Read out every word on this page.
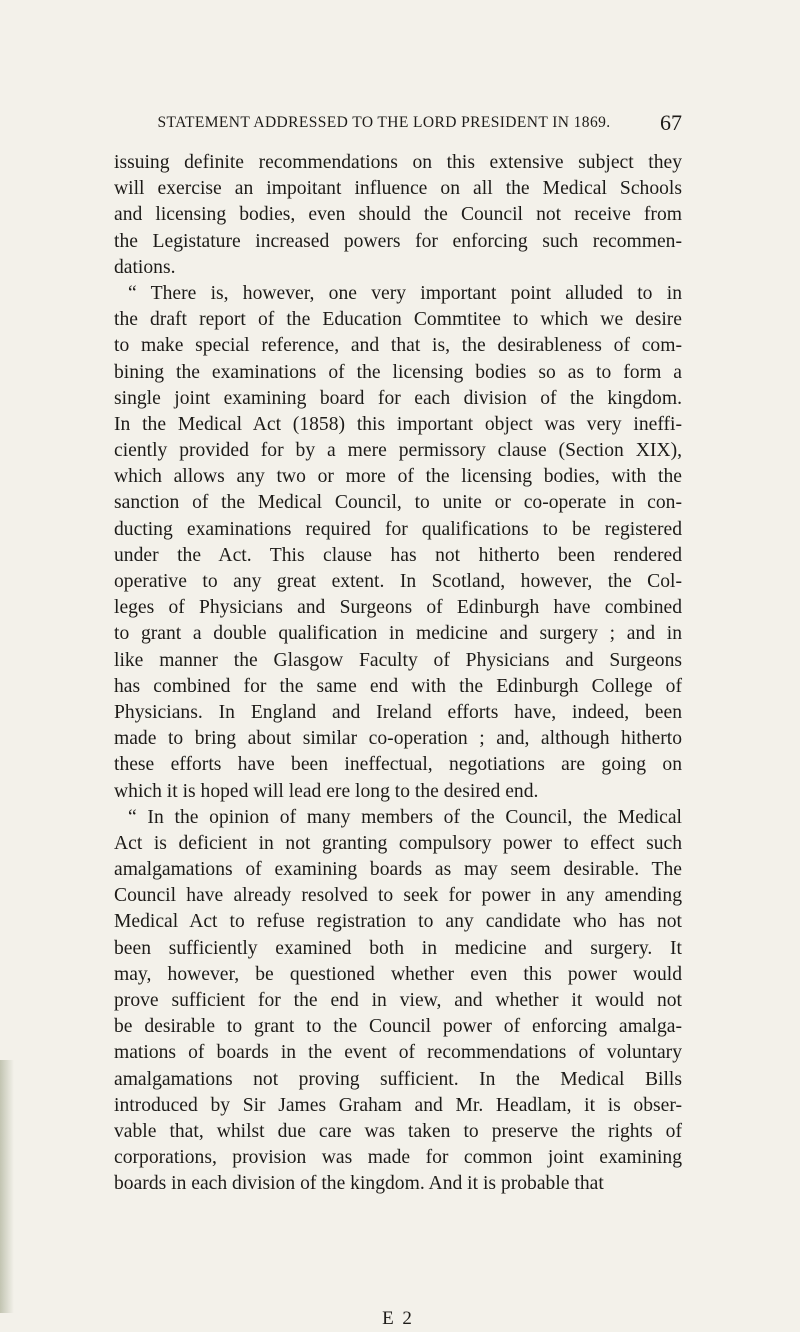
STATEMENT ADDRESSED TO THE LORD PRESIDENT IN 1869.	67
issuing definite recommendations on this extensive subject they
will exercise an impoitant influence on all the Medical Schools
and licensing bodies, even should the Council not receive from
the Legistature increased powers for enforcing such recommen-
dations.
“ There is, however, one very important point alluded to in
the draft report of the Education Commtitee to which we desire
to make special reference, and that is, the desirableness of com-
bining the examinations of the licensing bodies so as to form a
single joint examining board for each division of the kingdom.
In the Medical Act (1858) this important object was very ineffi-
ciently provided for by a mere permissory clause (Section XIX),
which allows any two or more of the licensing bodies, with the
sanction of the Medical Council, to unite or co-operate in con-
ducting examinations required for qualifications to be registered
under the Act. This clause has not hitherto been rendered
operative to any great extent. In Scotland, however, the Col-
leges of Physicians and Surgeons of Edinburgh have combined
to grant a double qualification in medicine and surgery ; and in
like manner the Glasgow Faculty of Physicians and Surgeons
has combined for the same end with the Edinburgh College of
Physicians. In England and Ireland efforts have, indeed, been
made to bring about similar co-operation ; and, although hitherto
these efforts have been ineffectual, negotiations are going on
which it is hoped will lead ere long to the desired end.
“ In the opinion of many members of the Council, the Medical
Act is deficient in not granting compulsory power to effect such
amalgamations of examining boards as may seem desirable. The
Council have already resolved to seek for power in any amending
Medical Act to refuse registration to any candidate who has not
been sufficiently examined both in medicine and surgery. It
may, however, be questioned whether even this power would
prove sufficient for the end in view, and whether it would not
be desirable to grant to the Council power of enforcing amalga-
mations of boards in the event of recommendations of voluntary
amalgamations not proving sufficient. In the Medical Bills
introduced by Sir James Graham and Mr. Headlam, it is obser-
vable that, whilst due care was taken to preserve the rights of
corporations, provision was made for common joint examining
boards in each division of the kingdom. And it is probable that
E 2
